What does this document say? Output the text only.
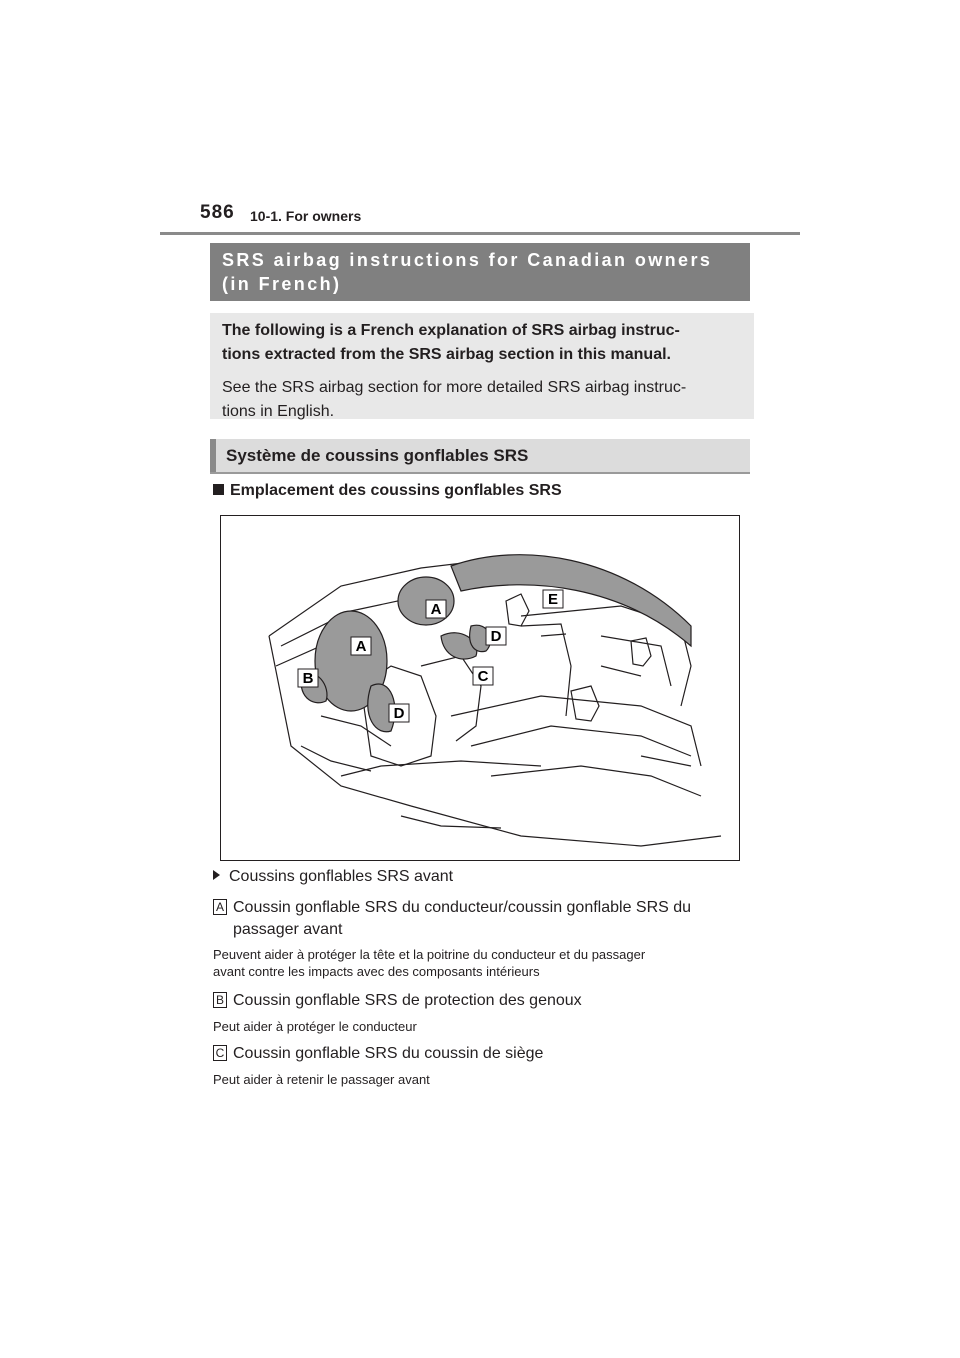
586 10-1. For owners
SRS airbag instructions for Canadian owners (in French)

The following is a French explanation of SRS airbag instruc-
tions extracted from the SRS airbag section in this manual.

See the SRS airbag section for more detailed SRS airbag instruc-
tions in English.

Système de coussins gonflables SRS
Emplacement des coussins gonflables SRS
A
E
D
A
C
B
D
Coussins gonflables SRS avant
A Coussin gonflable SRS du conducteur/coussin gonflable SRS du
passager avant
Peuvent aider à protéger la tête et la poitrine du conducteur et du passager
avant contre les impacts avec des composants intérieurs
B Coussin gonflable SRS de protection des genoux
Peut aider à protéger le conducteur
C Coussin gonflable SRS du coussin de siège
Peut aider à retenir le passager avant
